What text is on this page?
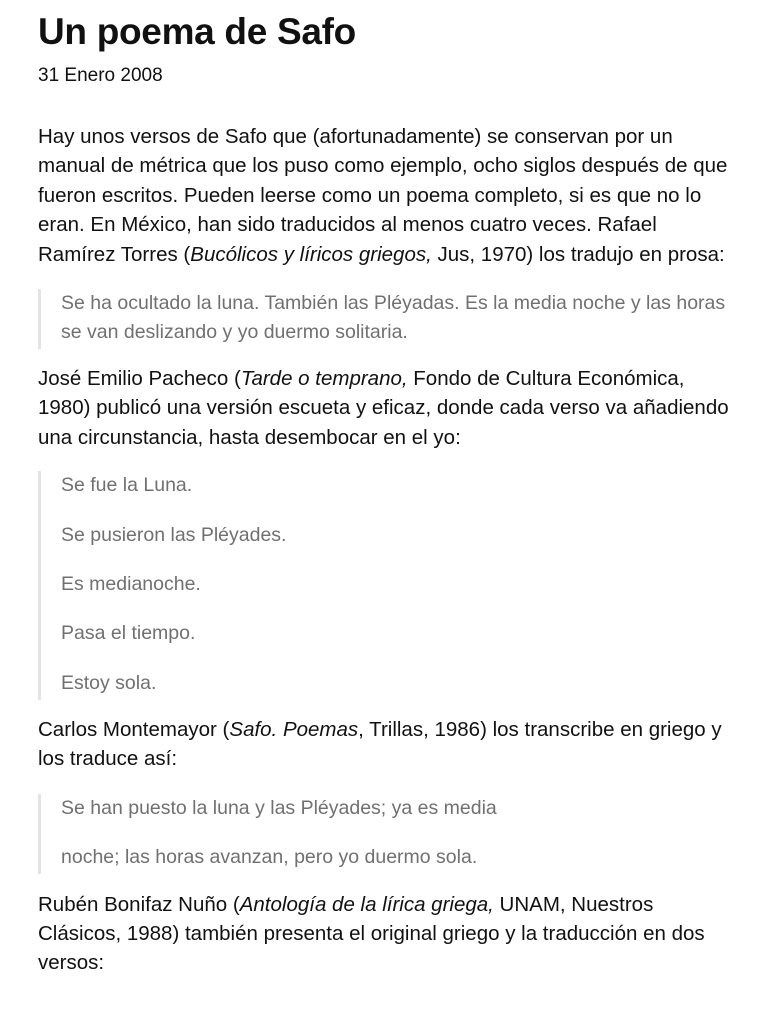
Un poema de Safo
31 Enero 2008

Hay unos versos de Safo que (afortunadamente) se conservan por un manual de métrica que los puso como ejemplo, ocho siglos después de que fueron escritos. Pueden leerse como un poema completo, si es que no lo eran. En México, han sido traducidos al menos cuatro veces. Rafael Ramírez Torres (Bucólicos y líricos griegos, Jus, 1970) los tradujo en prosa:

Se ha ocultado la luna. También las Pléyadas. Es la media noche y las horas se van deslizando y yo duermo solitaria.

José Emilio Pacheco (Tarde o temprano, Fondo de Cultura Económica, 1980) publicó una versión escueta y eficaz, donde cada verso va añadiendo una circunstancia, hasta desembocar en el yo:

Se fue la Luna.

Se pusieron las Pléyades.

Es medianoche.

Pasa el tiempo.

Estoy sola.

Carlos Montemayor (Safo. Poemas, Trillas, 1986) los transcribe en griego y los traduce así:

Se han puesto la luna y las Pléyades; ya es media

noche; las horas avanzan, pero yo duermo sola.

Rubén Bonifaz Nuño (Antología de la lírica griega, UNAM, Nuestros Clásicos, 1988) también presenta el original griego y la traducción en dos versos:
